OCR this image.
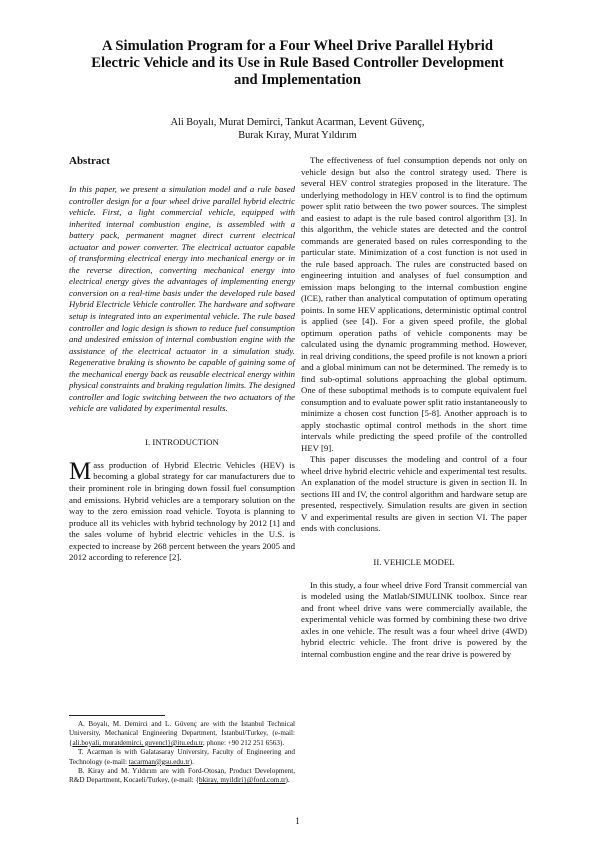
A Simulation Program for a Four Wheel Drive Parallel Hybrid
Electric Vehicle and its Use in Rule Based Controller Development
and Implementation
Ali Boyalı, Murat Demirci, Tankut Acarman, Levent Güvenç,
Burak Kıray, Murat Yıldırım
Abstract

In this paper, we present a simulation model and a rule based controller design for a four wheel drive parallel hybrid electric vehicle. First, a light commercial vehicle, equipped with inherited internal combustion engine, is assembled with a battery pack, permanent magnet direct current electrical actuator and power converter. The electrical actuator capable of transforming electrical energy into mechanical energy or in the reverse direction, converting mechanical energy into electrical energy gives the advantages of implementing energy conversion on a real-time basis under the developed rule based Hybrid Electricle Vehicle controller. The hardware and software setup is integrated into an experimental vehicle. The rule based controller and logic design is shown to reduce fuel consumption and undesired emission of internal combustion engine with the assistance of the electrical actuator in a simulation study. Regenerative braking is shownto be capable of gaining some of the mechanical energy back as reusable electrical energy within physical constraints and braking regulation limits. The designed controller and logic switching between the two actuators of the vehicle are validated by experimental results.

I. INTRODUCTION

Mass production of Hybrid Electric Vehicles (HEV) is becoming a global strategy for car manufacturers due to their prominent role in bringing down fossil fuel consumption and emissions. Hybrid vehicles are a temporary solution on the way to the zero emission road vehicle. Toyota is planning to produce all its vehicles with hybrid technology by 2012 [1] and the sales volume of hybrid electric vehicles in the U.S. is expected to increase by 268 percent between the years 2005 and 2012 according to reference [2].

The effectiveness of fuel consumption depends not only on vehicle design but also the control strategy used. There is several HEV control strategies proposed in the literature. The underlying methodology in HEV control is to find the optimum power split ratio between the two power sources. The simplest and easiest to adapt is the rule based control algorithm [3]. In this algorithm, the vehicle states are detected and the control commands are generated based on rules corresponding to the particular state. Minimization of a cost function is not used in the rule based approach. The rules are constructed based on engineering intuition and analyses of fuel consumption and emission maps belonging to the internal combustion engine (ICE), rather than analytical computation of optimum operating points. In some HEV applications, deterministic optimal control is applied (see [4]). For a given speed profile, the global optimum operation paths of vehicle components may be calculated using the dynamic programming method. However, in real driving conditions, the speed profile is not known a priori and a global minimum can not be determined. The remedy is to find sub-optimal solutions approaching the global optimum. One of these suboptimal methods is to compute equivalent fuel consumption and to evaluate power split ratio instantaneously to minimize a chosen cost function [5-8]. Another approach is to apply stochastic optimal control methods in the short time intervals while predicting the speed profile of the controlled HEV [9].

This paper discusses the modeling and control of a four wheel drive hybrid electric vehicle and experimental test results. An explanation of the model structure is given in section II. In sections III and IV, the control algorithm and hardware setup are presented, respectively. Simulation results are given in section V and experimental results are given in section VI. The paper ends with conclusions.

II. VEHICLE MODEL

In this study, a four wheel drive Ford Transit commercial van is modeled using the Matlab/SIMULINK toolbox. Since rear and front wheel drive vans were commercially available, the experimental vehicle was formed by combining these two drive axles in one vehicle. The result was a four wheel drive (4WD) hybrid electric vehicle. The front drive is powered by the internal combustion engine and the rear drive is powered by

A. Boyalı, M. Demirci and L. Güvenç are with the İstanbul Technical University, Mechanical Engineering Department, İstanbul/Turkey, (e-mail: {ali.boyali, muratdemirci, guvencl}@itu.edu.tr, phone: +90 212 251 6563).

T. Acarman is with Galatasaray University, Faculty of Engineering and Technology (e-mail: tacarman@gsu.edu.tr).

B. Kiray and M. Yıldırım are with Ford-Otosan, Product Development, R&D Department, Kocaeli/Turkey, (e-mail: {bkiray, myildiri}@ford.com.tr).

1
